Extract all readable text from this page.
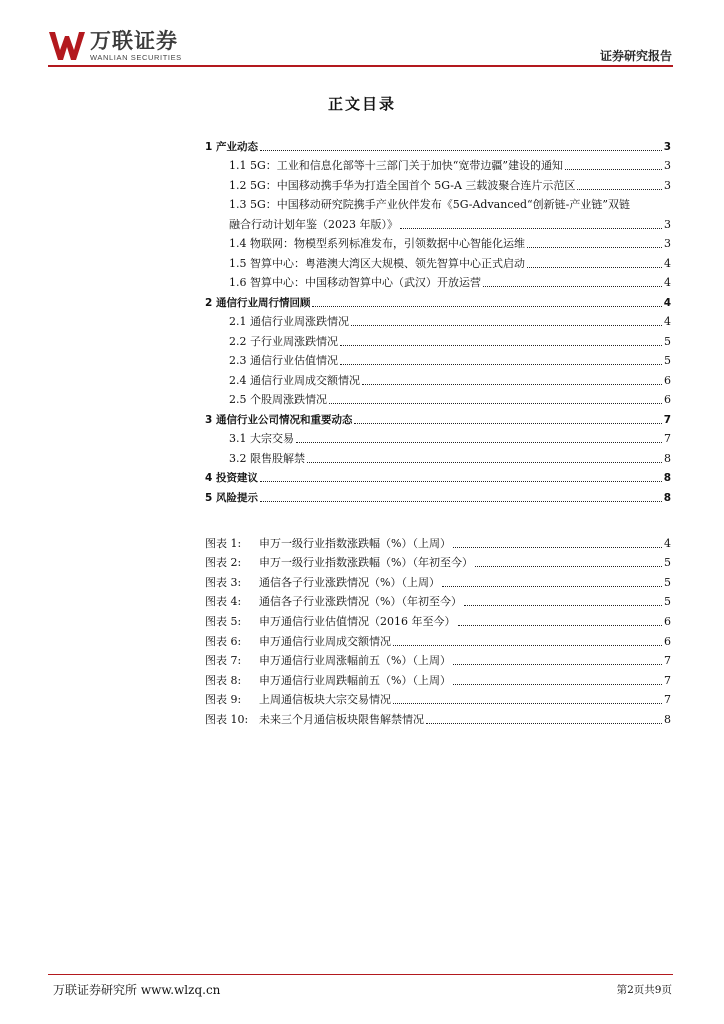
万联证券
WANLIAN SECURITIES	证券研究报告
正文目录
1 产业动态	3
1.1 5G：工业和信息化部等十三部门关于加快“宽带边疆”建设的通知	3
1.2 5G：中国移动携手华为打造全国首个 5G-A 三载波聚合连片示范区	3
1.3 5G：中国移动研究院携手产业伙伴发布《5G-Advanced“创新链-产业链”双链
融合行动计划年鉴（2023 年版）》	3
1.4 物联网：物模型系列标准发布，引领数据中心智能化运维	3
1.5 智算中心：粤港澳大湾区大规模、领先智算中心正式启动	4
1.6 智算中心：中国移动智算中心（武汉）开放运营	4
2 通信行业周行情回顾	4
2.1 通信行业周涨跌情况	4
2.2 子行业周涨跌情况	5
2.3 通信行业估值情况	5
2.4 通信行业周成交额情况	6
2.5 个股周涨跌情况	6
3 通信行业公司情况和重要动态	7
3.1 大宗交易	7
3.2 限售股解禁	8
4 投资建议	8
5 风险提示	8
图表 1:	申万一级行业指数涨跌幅（%）（上周）	4
图表 2:	申万一级行业指数涨跌幅（%）（年初至今）	5
图表 3:	通信各子行业涨跌情况（%）（上周）	5
图表 4:	通信各子行业涨跌情况（%）（年初至今）	5
图表 5:	申万通信行业估值情况（2016 年至今）	6
图表 6:	申万通信行业周成交额情况	6
图表 7:	申万通信行业周涨幅前五（%）（上周）	7
图表 8:	申万通信行业周跌幅前五（%）（上周）	7
图表 9:	上周通信板块大宗交易情况	7
图表 10: 未来三个月通信板块限售解禁情况	8
万联证券研究所 www.wlzq.cn	第2页共9页
